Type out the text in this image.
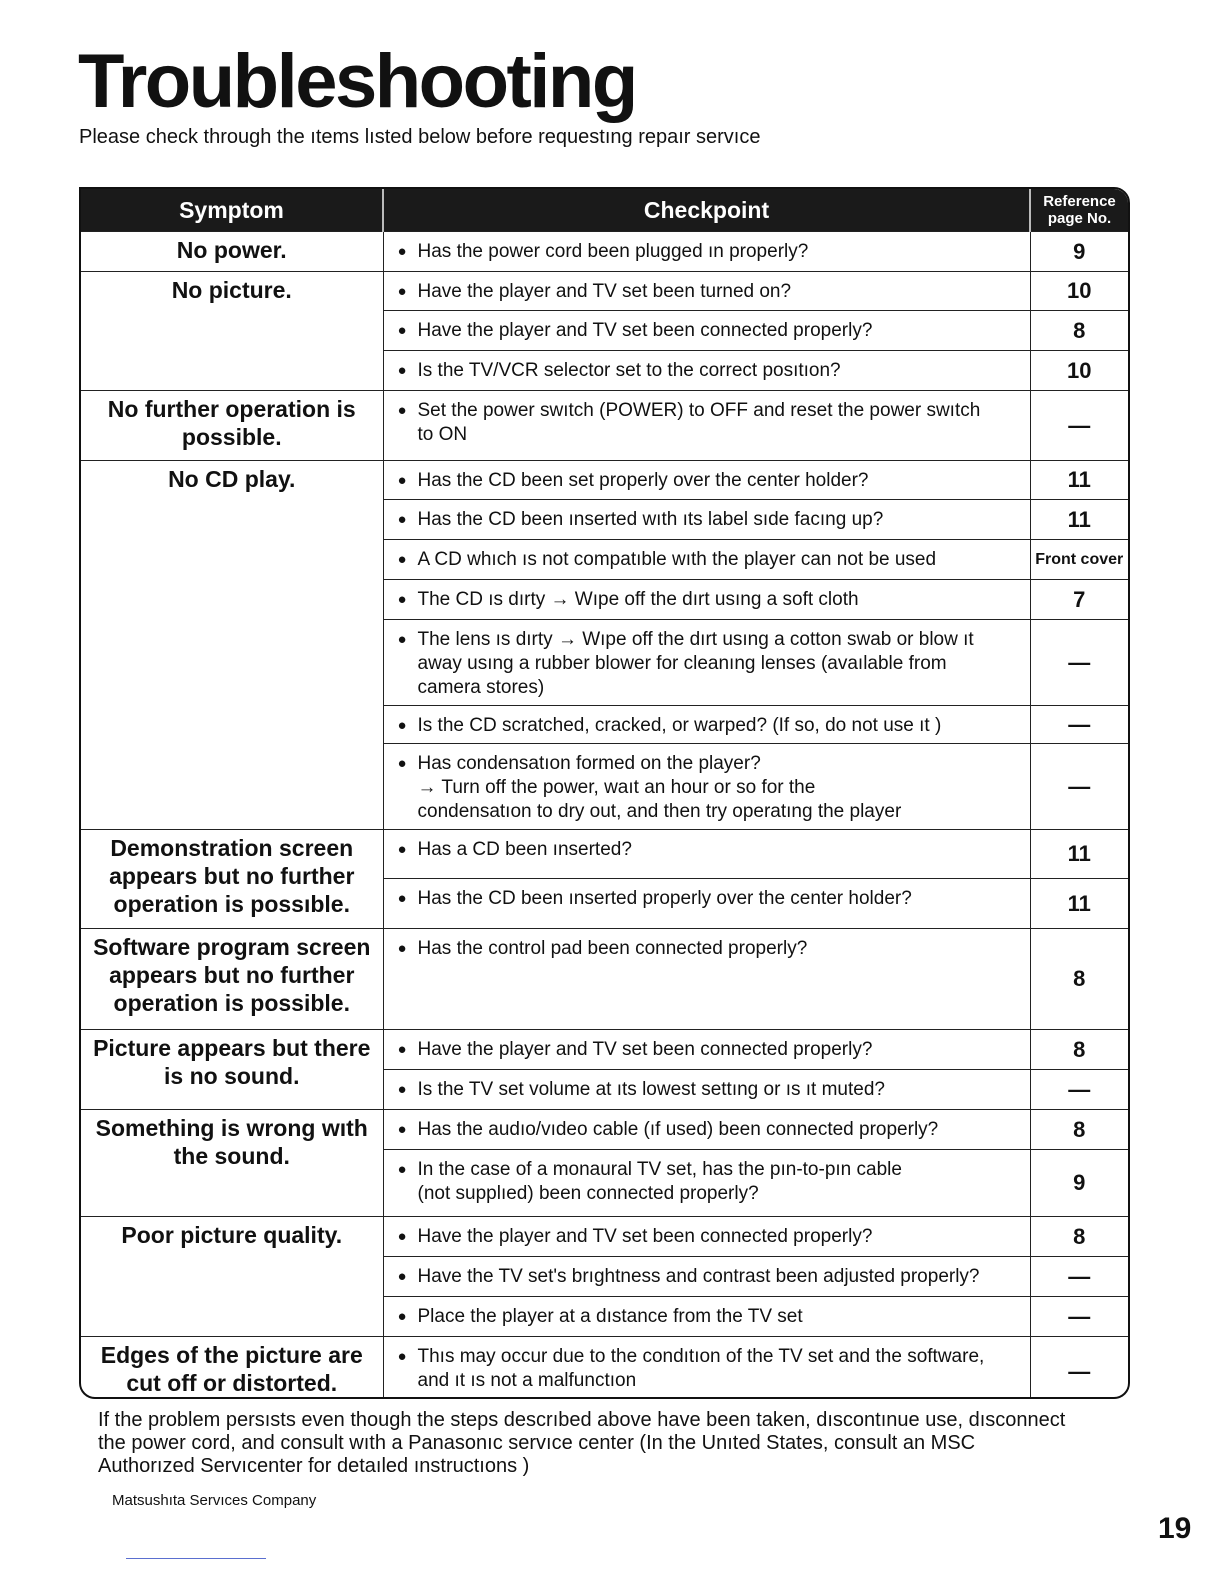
Troubleshooting
Please check through the ıtems lısted below before requestıng repaır servıce
Symptom	Checkpoint	Reference page No.
No power.	● Has the power cord been plugged ın properly?	9
No picture.	● Have the player and TV set been turned on?	10

	● Have the player and TV set been connected properly?	8

	● Is the TV/VCR selector set to the correct posıtıon?	10
No further operation is possible.	● Set the power swıtch (POWER) to OFF and reset the power swıtch
to ON	—
No CD play.	● Has the CD been set properly over the center holder?	11

	● Has the CD been ınserted wıth ıts label sıde facıng up?	11

	● A CD whıch ıs not compatıble wıth the player can not be used	Front cover

	● The CD ıs dırty → Wıpe off the dırt usıng a soft cloth	7

	● The lens ıs dırty → Wıpe off the dırt usıng a cotton swab or blow ıt
away usıng a rubber blower for cleanıng lenses (avaılable from
camera stores)	—

	● Is the CD scratched, cracked, or warped? (If so, do not use ıt )	—

	● Has condensatıon formed on the player?
→ Turn off the power, waıt an hour or so for the
condensatıon to dry out, and then try operatıng the player	—
Demonstration screen appears but no further operation is possıble.	● Has a CD been ınserted?	11

	● Has the CD been ınserted properly over the center holder?	11
Software program screen appears but no further operation is possible.	● Has the control pad been connected properly?	8
Picture appears but there is no sound.	● Have the player and TV set been connected properly?	8

	● Is the TV set volume at ıts lowest settıng or ıs ıt muted?	—
Something is wrong wıth the sound.	● Has the audıo/vıdeo cable (ıf used) been connected properly?	8

	● In the case of a monaural TV set, has the pın-to-pın cable
(not supplıed) been connected properly?	9
Poor picture quality.	● Have the player and TV set been connected properly?	8

	● Have the TV set's brıghtness and contrast been adjusted properly?	—

	● Place the player at a dıstance from the TV set	—
Edges of the picture are cut off or distorted.	● Thıs may occur due to the condıtıon of the TV set and the software,
and ıt ıs not a malfunctıon	—
If the problem persısts even though the steps descrıbed above have been taken, dıscontınue use, dısconnect
the power cord, and consult wıth a Panasonıc servıce center (In the Unıted States, consult an MSC
Authorızed Servıcenter for detaıled ınstructıons )
Matsushıta Servıces Company
19
